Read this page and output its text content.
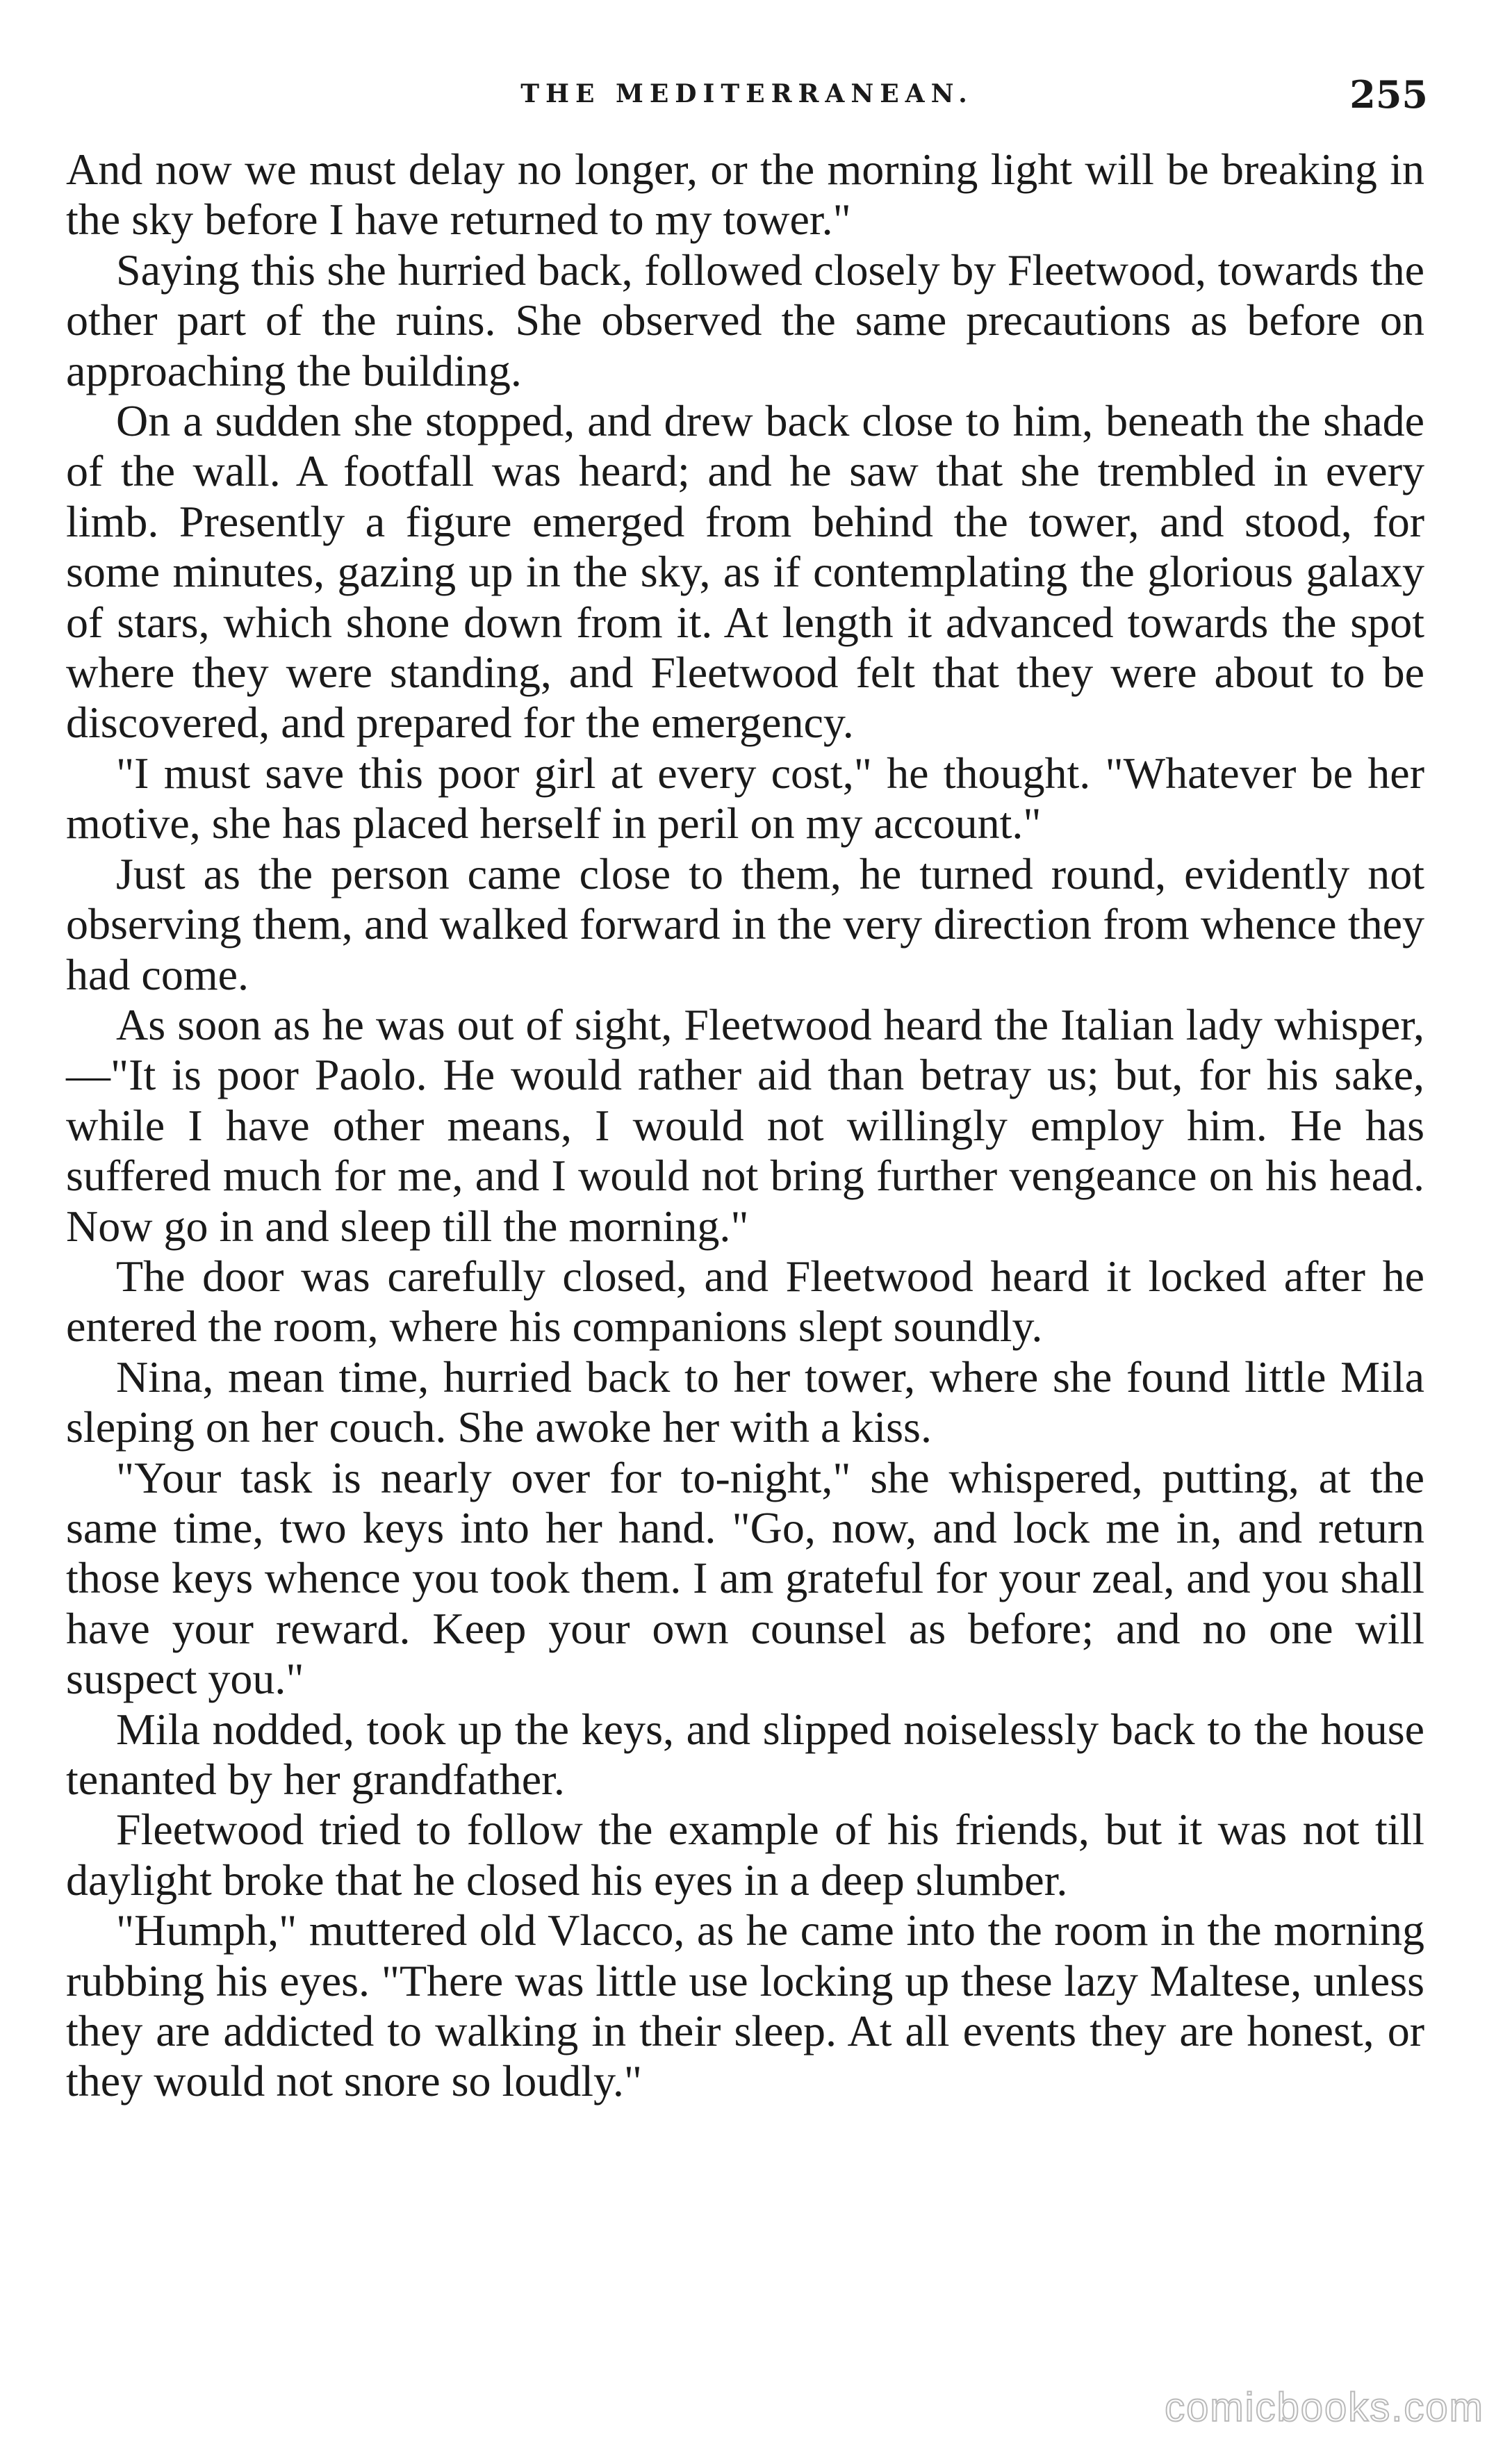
THE MEDITERRANEAN.	255

And now we must delay no longer, or the morning light will be breaking in the sky before I have returned to my tower."

Saying this she hurried back, followed closely by Fleetwood, towards the other part of the ruins. She observed the same precautions as before on approaching the building.

On a sudden she stopped, and drew back close to him, beneath the shade of the wall. A footfall was heard; and he saw that she trembled in every limb. Presently a figure emerged from behind the tower, and stood, for some minutes, gazing up in the sky, as if contemplating the glorious galaxy of stars, which shone down from it. At length it advanced towards the spot where they were standing, and Fleetwood felt that they were about to be discovered, and prepared for the emergency.

"I must save this poor girl at every cost," he thought. "Whatever be her motive, she has placed herself in peril on my account."

Just as the person came close to them, he turned round, evidently not observing them, and walked forward in the very direction from whence they had come.

As soon as he was out of sight, Fleetwood heard the Italian lady whisper,—"It is poor Paolo. He would rather aid than betray us; but, for his sake, while I have other means, I would not willingly employ him. He has suffered much for me, and I would not bring further vengeance on his head. Now go in and sleep till the morning."

The door was carefully closed, and Fleetwood heard it locked after he entered the room, where his companions slept soundly.

Nina, mean time, hurried back to her tower, where she found little Mila sleping on her couch. She awoke her with a kiss.

"Your task is nearly over for to-night," she whispered, putting, at the same time, two keys into her hand. "Go, now, and lock me in, and return those keys whence you took them. I am grateful for your zeal, and you shall have your reward. Keep your own counsel as before; and no one will suspect you."

Mila nodded, took up the keys, and slipped noiselessly back to the house tenanted by her grandfather.

Fleetwood tried to follow the example of his friends, but it was not till daylight broke that he closed his eyes in a deep slumber.

"Humph," muttered old Vlacco, as he came into the room in the morning rubbing his eyes. "There was little use locking up these lazy Maltese, unless they are addicted to walking in their sleep. At all events they are honest, or they would not snore so loudly."

comicbooks.com
